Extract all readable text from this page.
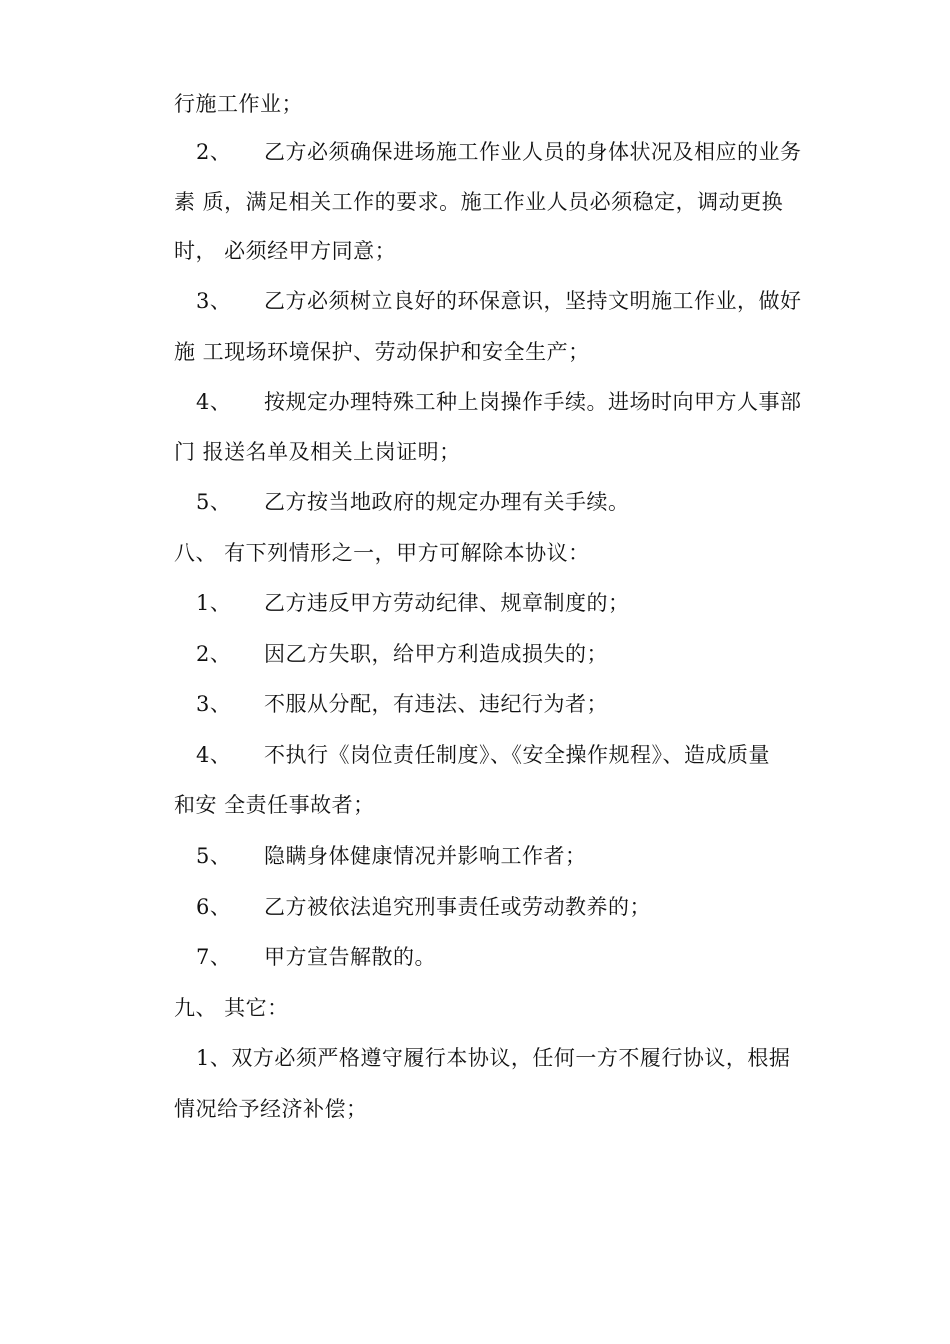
行施工作业；
2、 乙方必须确保进场施工作业人员的身体状况及相应的业务
素 质，满足相关工作的要求。施工作业人员必须稳定，调动更换
时， 必须经甲方同意；
3、 乙方必须树立良好的环保意识，坚持文明施工作业，做好
施 工现场环境保护、劳动保护和安全生产；
4、 按规定办理特殊工种上岗操作手续。进场时向甲方人事部
门 报送名单及相关上岗证明；
5、 乙方按当地政府的规定办理有关手续。
八、 有下列情形之一，甲方可解除本协议：
1、 乙方违反甲方劳动纪律、规章制度的；
2、 因乙方失职，给甲方利造成损失的；
3、 不服从分配，有违法、违纪行为者；
4、 不执行《岗位责任制度》、《安全操作规程》、造成质量
和安 全责任事故者；
5、 隐瞒身体健康情况并影响工作者；
6、 乙方被依法追究刑事责任或劳动教养的；
7、 甲方宣告解散的。
九、 其它：
1、双方必须严格遵守履行本协议，任何一方不履行协议，根据
情况给予经济补偿；
